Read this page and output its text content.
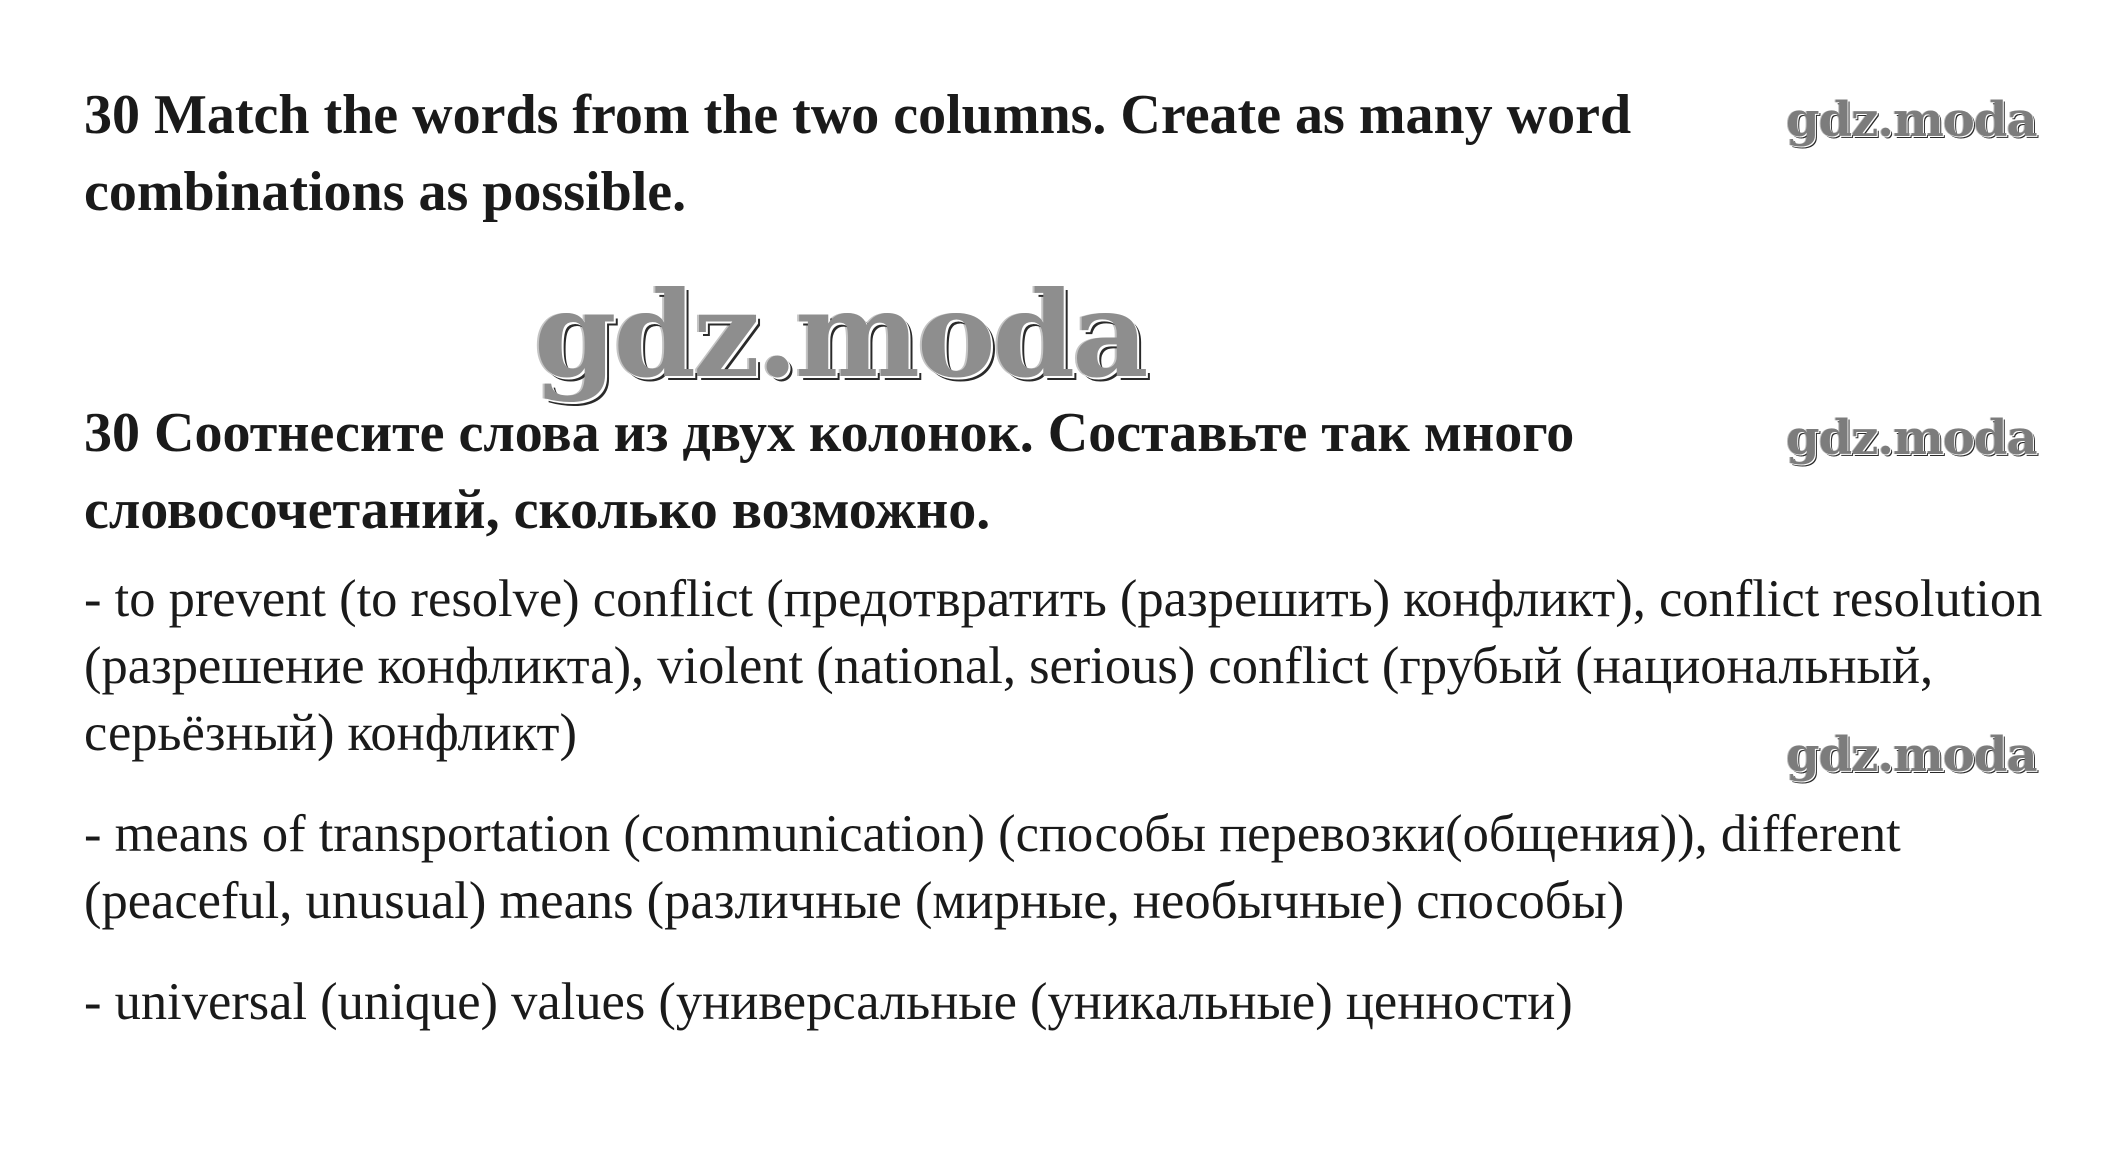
30 Match the words from the two columns. Create as many word combinations as possible.

gdz.moda
gdz.moda

30 Соотнесите слова из двух колонок. Составьте так много словосочетаний, сколько возможно.

gdz.moda

- to prevent (to resolve) conflict (предотвратить (разрешить) конфликт), conflict resolution (разрешение конфликта), violent (national, serious) conflict (грубый (национальный, серьёзный) конфликт)

- means of transportation (communication) (способы перевозки(общения)), different (peaceful, unusual) means (различные (мирные, необычные) способы)

- universal (unique) values (универсальные (уникальные) ценности)

gdz.moda
